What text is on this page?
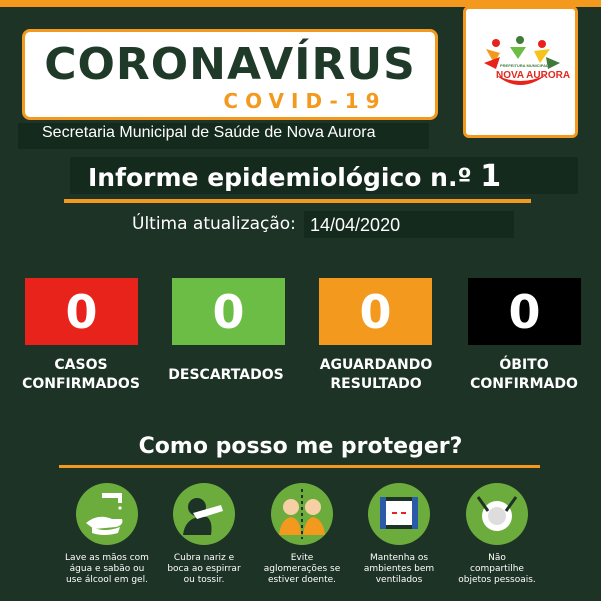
CORONAVÍRUS
COVID-19
Secretaria Municipal de Saúde de Nova Aurora
PREFEITURA MUNICIPAL
NOVA AURORA
Informe epidemiológico n.º 1
Última atualização: 14/04/2020
0
CASOS
CONFIRMADOS
0
DESCARTADOS
0
AGUARDANDO
RESULTADO
0
ÓBITO
CONFIRMADO
Como posso me proteger?
Lave as mãos com
água e sabão ou
use álcool em gel.
Cubra nariz e
boca ao espirrar
ou tossir.
Evite
aglomerações se
estiver doente.
Mantenha os
ambientes bem
ventilados
Não
compartilhe
objetos pessoais.
